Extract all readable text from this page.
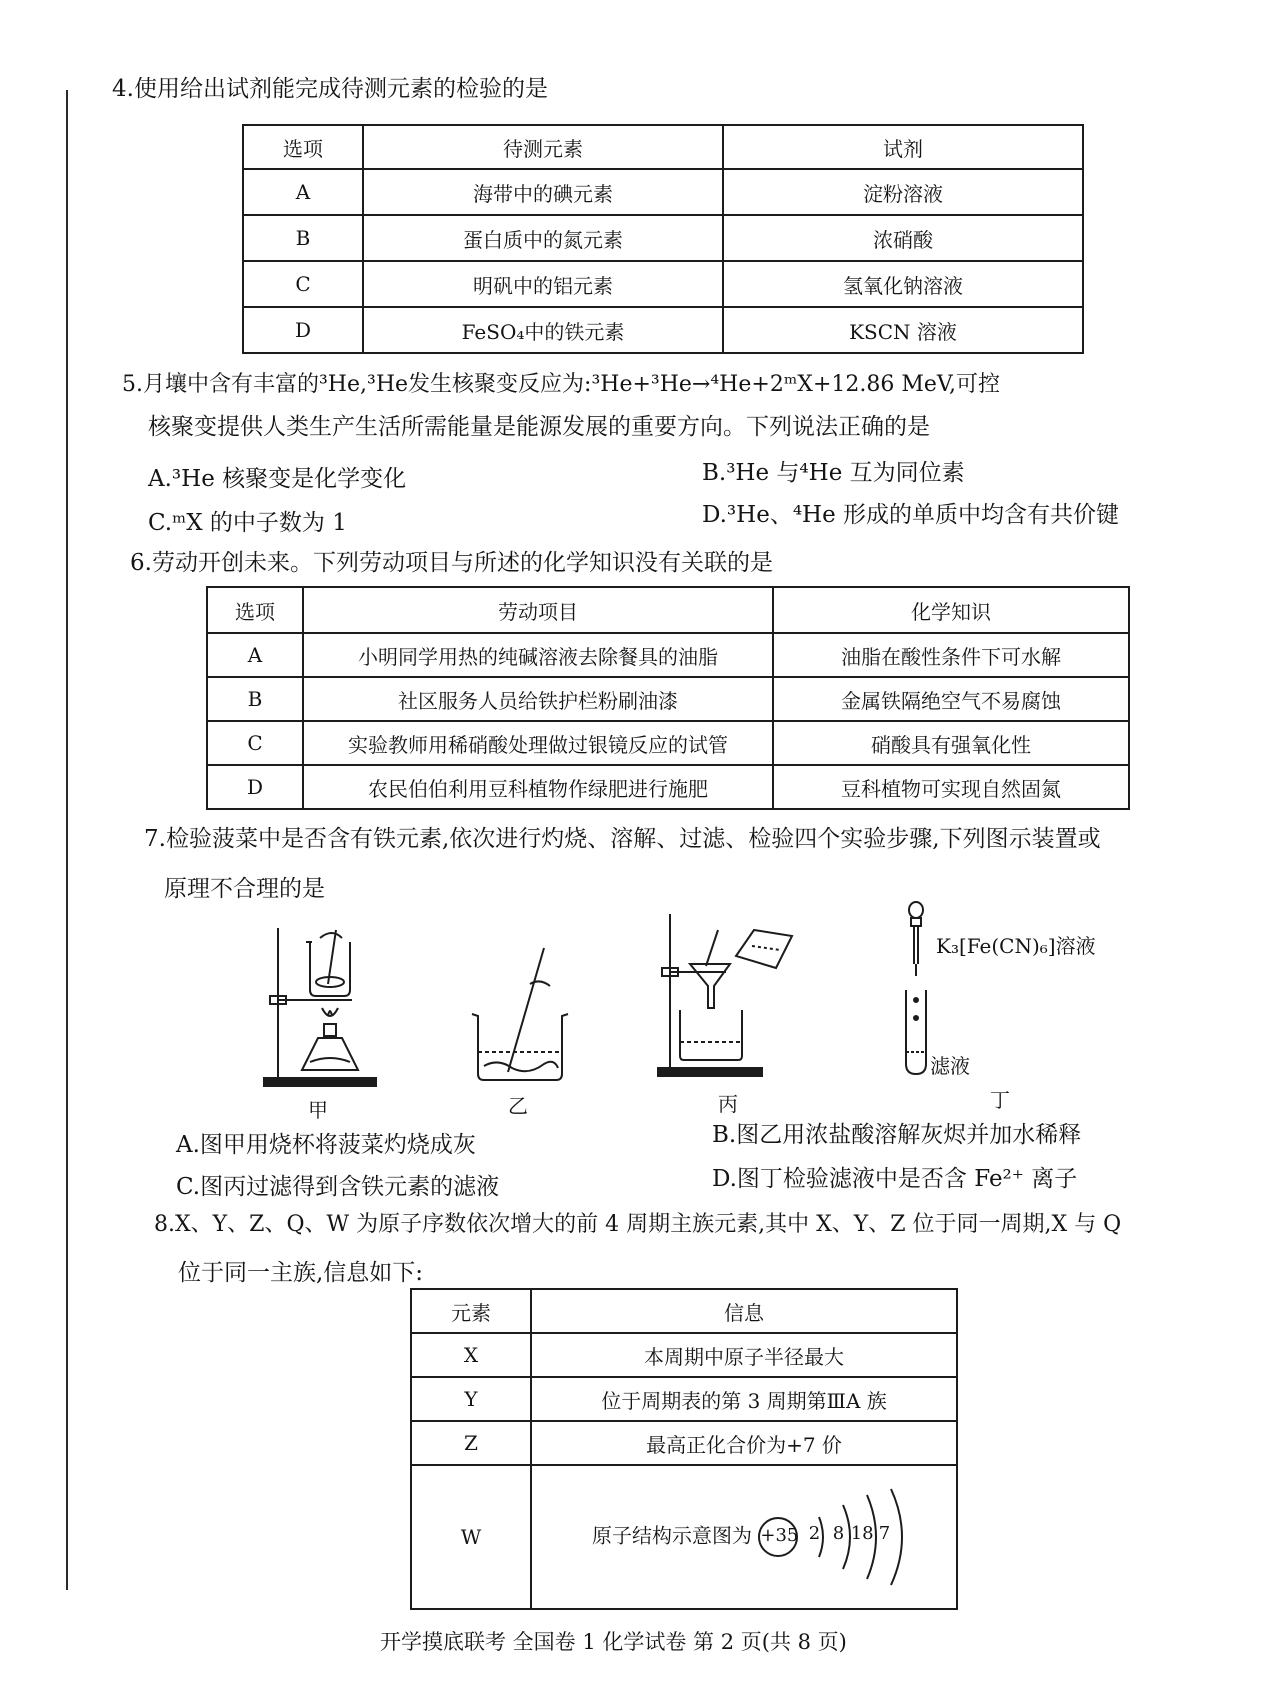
4.使用给出试剂能完成待测元素的检验的是
选项	待测元素	试剂
A	海带中的碘元素	淀粉溶液
B	蛋白质中的氮元素	浓硝酸
C	明矾中的铝元素	氢氧化钠溶液
D	FeSO₄中的铁元素	KSCN 溶液
5.月壤中含有丰富的³He,³He发生核聚变反应为:³He+³He→⁴He+2ᵐX+12.86 MeV,可控
核聚变提供人类生产生活所需能量是能源发展的重要方向。下列说法正确的是
A.³He 核聚变是化学变化	B.³He 与⁴He 互为同位素
C.ᵐX 的中子数为 1	D.³He、⁴He 形成的单质中均含有共价键
6.劳动开创未来。下列劳动项目与所述的化学知识没有关联的是
选项	劳动项目	化学知识
A	小明同学用热的纯碱溶液去除餐具的油脂	油脂在酸性条件下可水解
B	社区服务人员给铁护栏粉刷油漆	金属铁隔绝空气不易腐蚀
C	实验教师用稀硝酸处理做过银镜反应的试管	硝酸具有强氧化性
D	农民伯伯利用豆科植物作绿肥进行施肥	豆科植物可实现自然固氮
7.检验菠菜中是否含有铁元素,依次进行灼烧、溶解、过滤、检验四个实验步骤,下列图示装置或
原理不合理的是
甲	乙	丙
K₃[Fe(CN)₆]溶液
滤液
丁
A.图甲用烧杯将菠菜灼烧成灰	B.图乙用浓盐酸溶解灰烬并加水稀释
C.图丙过滤得到含铁元素的滤液	D.图丁检验滤液中是否含 Fe²⁺ 离子
8.X、Y、Z、Q、W 为原子序数依次增大的前 4 周期主族元素,其中 X、Y、Z 位于同一周期,X 与 Q
位于同一主族,信息如下:
元素	信息
X	本周期中原子半径最大
Y	位于周期表的第 3 周期第ⅢA 族
Z	最高正化合价为+7 价
W	原子结构示意图为 +35 2 8 18 7
开学摸底联考 全国卷 1 化学试卷 第 2 页(共 8 页)
